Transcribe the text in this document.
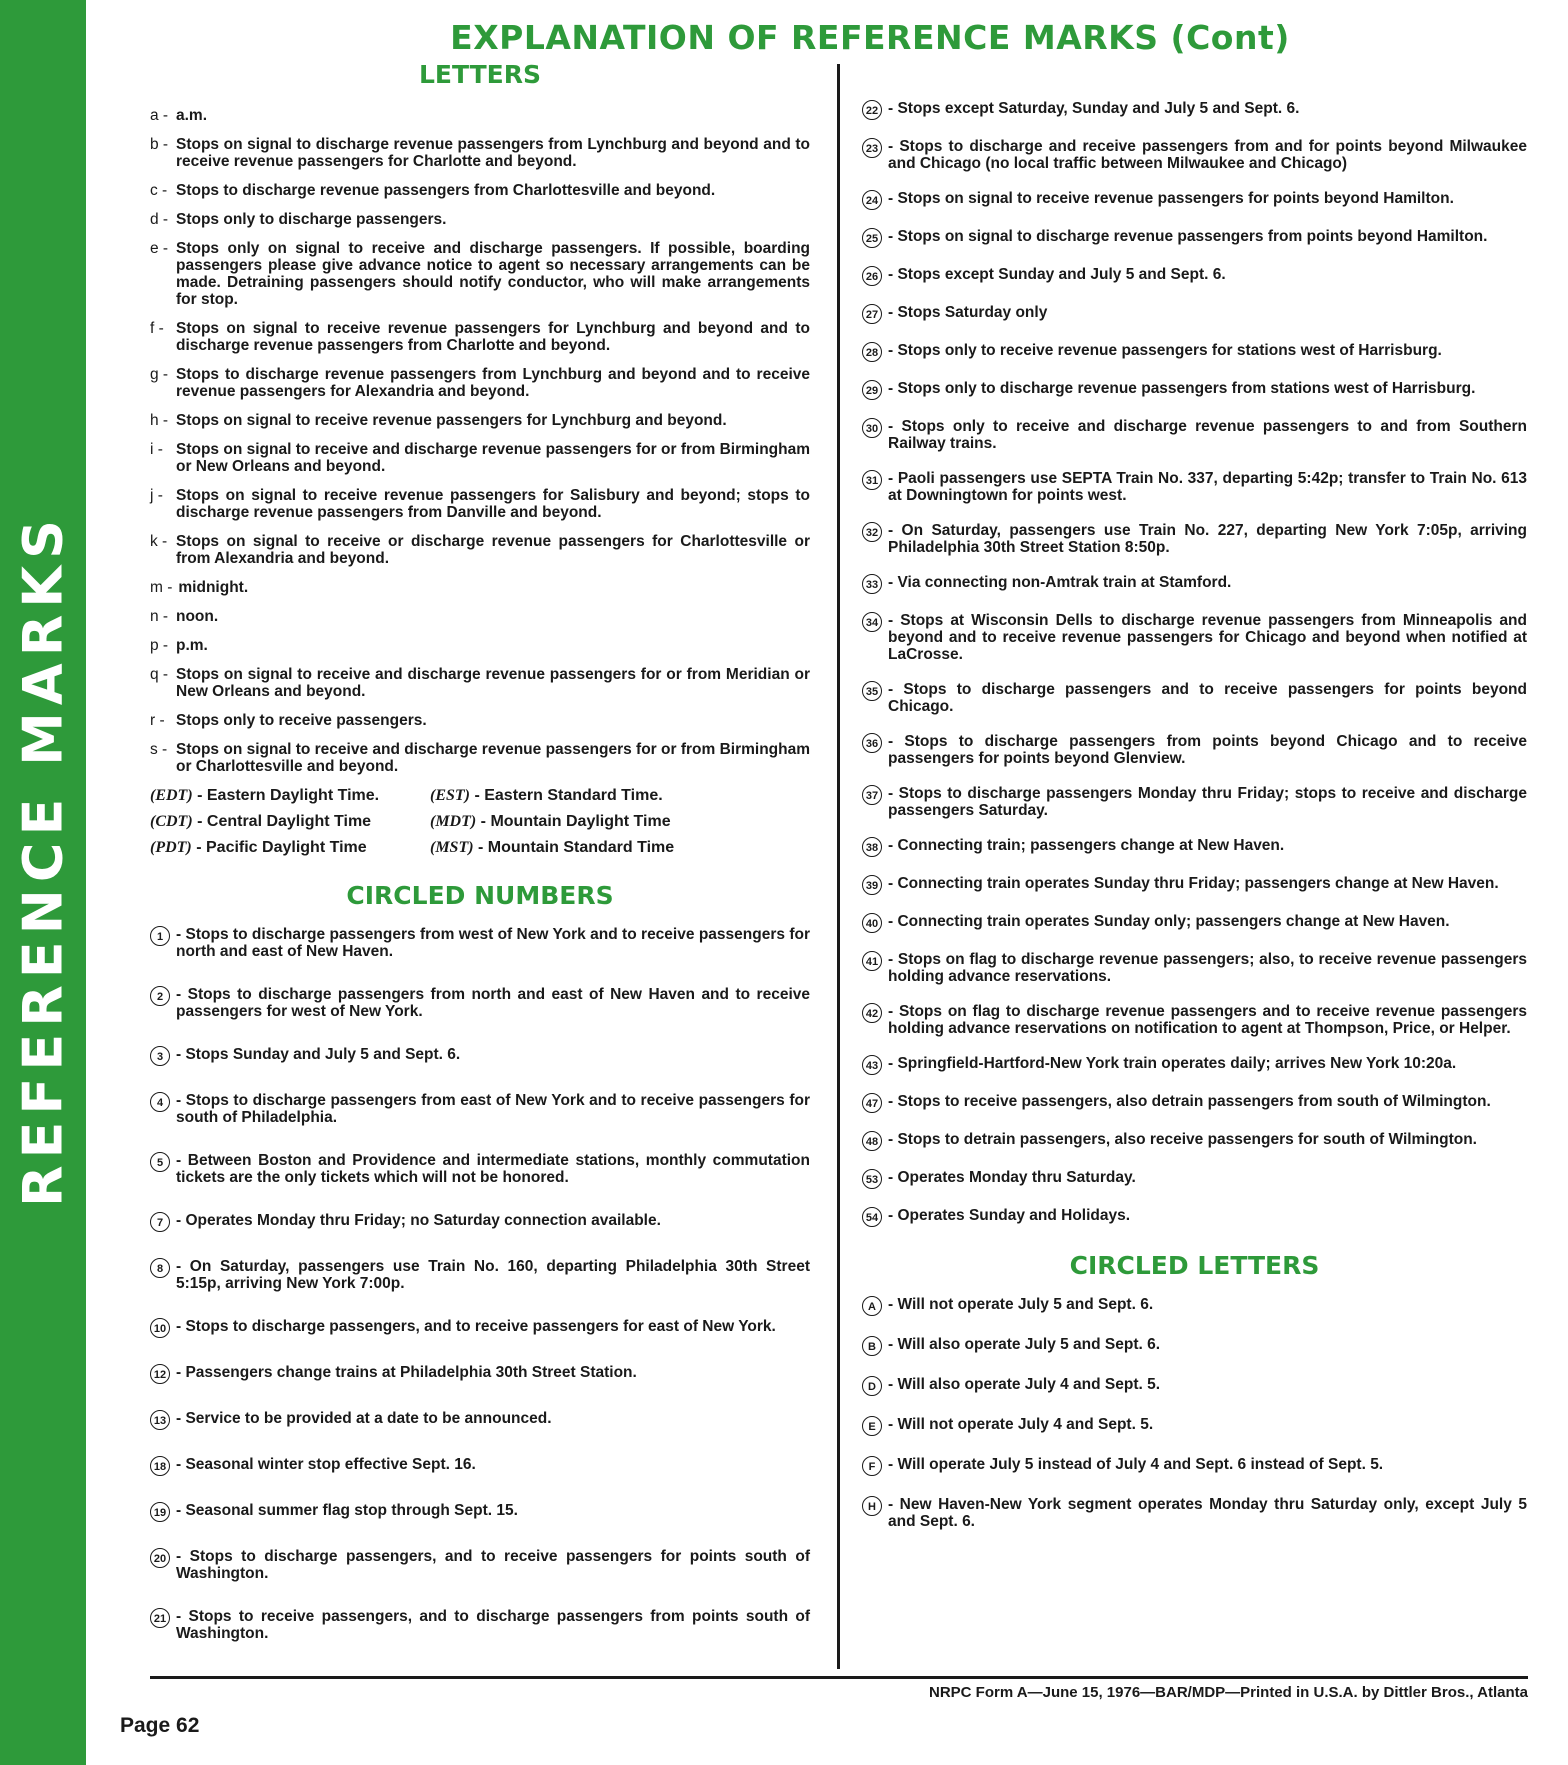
REFERENCE MARKS
EXPLANATION OF REFERENCE MARKS (Cont)
LETTERS
a - a.m.
b - Stops on signal to discharge revenue passengers from Lynchburg and beyond and to receive revenue passengers for Charlotte and beyond.
c - Stops to discharge revenue passengers from Charlottesville and beyond.
d - Stops only to discharge passengers.
e - Stops only on signal to receive and discharge passengers. If possible, boarding passengers please give advance notice to agent so necessary arrangements can be made. Detraining passengers should notify conductor, who will make arrangements for stop.
f - Stops on signal to receive revenue passengers for Lynchburg and beyond and to discharge revenue passengers from Charlotte and beyond.
g - Stops to discharge revenue passengers from Lynchburg and beyond and to receive revenue passengers for Alexandria and beyond.
h - Stops on signal to receive revenue passengers for Lynchburg and beyond.
i - Stops on signal to receive and discharge revenue passengers for or from Birmingham or New Orleans and beyond.
j - Stops on signal to receive revenue passengers for Salisbury and beyond; stops to discharge revenue passengers from Danville and beyond.
k - Stops on signal to receive or discharge revenue passengers for Charlottesville or from Alexandria and beyond.
m - midnight.
n - noon.
p - p.m.
q - Stops on signal to receive and discharge revenue passengers for or from Meridian or New Orleans and beyond.
r - Stops only to receive passengers.
s - Stops on signal to receive and discharge revenue passengers for or from Birmingham or Charlottesville and beyond.
(EDT) - Eastern Daylight Time.	(EST) - Eastern Standard Time.
(CDT) - Central Daylight Time	(MDT) - Mountain Daylight Time
(PDT) - Pacific Daylight Time	(MST) - Mountain Standard Time
CIRCLED NUMBERS
1 - Stops to discharge passengers from west of New York and to receive passengers for north and east of New Haven.
2 - Stops to discharge passengers from north and east of New Haven and to receive passengers for west of New York.
3 - Stops Sunday and July 5 and Sept. 6.
4 - Stops to discharge passengers from east of New York and to receive passengers for south of Philadelphia.
5 - Between Boston and Providence and intermediate stations, monthly commutation tickets are the only tickets which will not be honored.
7 - Operates Monday thru Friday; no Saturday connection available.
8 - On Saturday, passengers use Train No. 160, departing Philadelphia 30th Street 5:15p, arriving New York 7:00p.
10 - Stops to discharge passengers, and to receive passengers for east of New York.
12 - Passengers change trains at Philadelphia 30th Street Station.
13 - Service to be provided at a date to be announced.
18 - Seasonal winter stop effective Sept. 16.
19 - Seasonal summer flag stop through Sept. 15.
20 - Stops to discharge passengers, and to receive passengers for points south of Washington.
21 - Stops to receive passengers, and to discharge passengers from points south of Washington.
22 - Stops except Saturday, Sunday and July 5 and Sept. 6.
23 - Stops to discharge and receive passengers from and for points beyond Milwaukee and Chicago (no local traffic between Milwaukee and Chicago)
24 - Stops on signal to receive revenue passengers for points beyond Hamilton.
25 - Stops on signal to discharge revenue passengers from points beyond Hamilton.
26 - Stops except Sunday and July 5 and Sept. 6.
27 - Stops Saturday only
28 - Stops only to receive revenue passengers for stations west of Harrisburg.
29 - Stops only to discharge revenue passengers from stations west of Harrisburg.
30 - Stops only to receive and discharge revenue passengers to and from Southern Railway trains.
31 - Paoli passengers use SEPTA Train No. 337, departing 5:42p; transfer to Train No. 613 at Downingtown for points west.
32 - On Saturday, passengers use Train No. 227, departing New York 7:05p, arriving Philadelphia 30th Street Station 8:50p.
33 - Via connecting non-Amtrak train at Stamford.
34 - Stops at Wisconsin Dells to discharge revenue passengers from Minneapolis and beyond and to receive revenue passengers for Chicago and beyond when notified at LaCrosse.
35 - Stops to discharge passengers and to receive passengers for points beyond Chicago.
36 - Stops to discharge passengers from points beyond Chicago and to receive passengers for points beyond Glenview.
37 - Stops to discharge passengers Monday thru Friday; stops to receive and discharge passengers Saturday.
38 - Connecting train; passengers change at New Haven.
39 - Connecting train operates Sunday thru Friday; passengers change at New Haven.
40 - Connecting train operates Sunday only; passengers change at New Haven.
41 - Stops on flag to discharge revenue passengers; also, to receive revenue passengers holding advance reservations.
42 - Stops on flag to discharge revenue passengers and to receive revenue passengers holding advance reservations on notification to agent at Thompson, Price, or Helper.
43 - Springfield-Hartford-New York train operates daily; arrives New York 10:20a.
47 - Stops to receive passengers, also detrain passengers from south of Wilmington.
48 - Stops to detrain passengers, also receive passengers for south of Wilmington.
53 - Operates Monday thru Saturday.
54 - Operates Sunday and Holidays.
CIRCLED LETTERS
A - Will not operate July 5 and Sept. 6.
B - Will also operate July 5 and Sept. 6.
D - Will also operate July 4 and Sept. 5.
E - Will not operate July 4 and Sept. 5.
F - Will operate July 5 instead of July 4 and Sept. 6 instead of Sept. 5.
H - New Haven-New York segment operates Monday thru Saturday only, except July 5 and Sept. 6.
NRPC Form A—June 15, 1976—BAR/MDP—Printed in U.S.A. by Dittler Bros., Atlanta
Page 62
